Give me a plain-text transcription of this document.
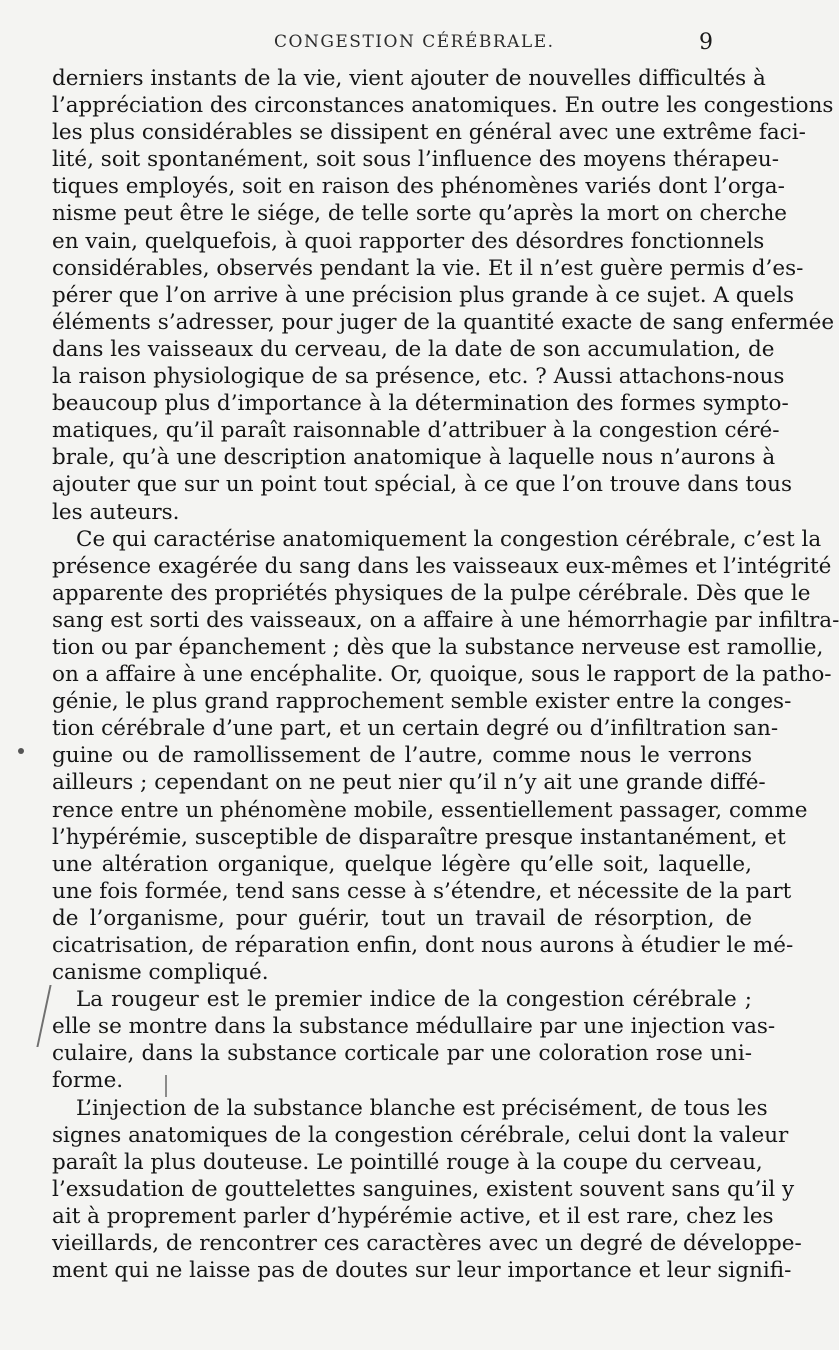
CONGESTION CÉRÉBRALE.	9
derniers instants de la vie, vient ajouter de nouvelles difficultés à
l’appréciation des circonstances anatomiques. En outre les congestions
les plus considérables se dissipent en général avec une extrême faci-
lité, soit spontanément, soit sous l’influence des moyens thérapeu-
tiques employés, soit en raison des phénomènes variés dont l’orga-
nisme peut être le siége, de telle sorte qu’après la mort on cherche
en vain, quelquefois, à quoi rapporter des désordres fonctionnels
considérables, observés pendant la vie. Et il n’est guère permis d’es-
pérer que l’on arrive à une précision plus grande à ce sujet. A quels
éléments s’adresser, pour juger de la quantité exacte de sang enfermée
dans les vaisseaux du cerveau, de la date de son accumulation, de
la raison physiologique de sa présence, etc. ? Aussi attachons-nous
beaucoup plus d’importance à la détermination des formes sympto-
matiques, qu’il paraît raisonnable d’attribuer à la congestion céré-
brale, qu’à une description anatomique à laquelle nous n’aurons à
ajouter que sur un point tout spécial, à ce que l’on trouve dans tous
les auteurs.
Ce qui caractérise anatomiquement la congestion cérébrale, c’est la
présence exagérée du sang dans les vaisseaux eux-mêmes et l’intégrité
apparente des propriétés physiques de la pulpe cérébrale. Dès que le
sang est sorti des vaisseaux, on a affaire à une hémorrhagie par infiltra-
tion ou par épanchement ; dès que la substance nerveuse est ramollie,
on a affaire à une encéphalite. Or, quoique, sous le rapport de la patho-
génie, le plus grand rapprochement semble exister entre la conges-
tion cérébrale d’une part, et un certain degré ou d’infiltration san-
guine ou de ramollissement de l’autre, comme nous le verrons
ailleurs ; cependant on ne peut nier qu’il n’y ait une grande diffé-
rence entre un phénomène mobile, essentiellement passager, comme
l’hypérémie, susceptible de disparaître presque instantanément, et
une altération organique, quelque légère qu’elle soit, laquelle,
une fois formée, tend sans cesse à s’étendre, et nécessite de la part
de l’organisme, pour guérir, tout un travail de résorption, de
cicatrisation, de réparation enfin, dont nous aurons à étudier le mé-
canisme compliqué.
La rougeur est le premier indice de la congestion cérébrale ;
elle se montre dans la substance médullaire par une injection vas-
culaire, dans la substance corticale par une coloration rose uni-
forme.
L’injection de la substance blanche est précisément, de tous les
signes anatomiques de la congestion cérébrale, celui dont la valeur
paraît la plus douteuse. Le pointillé rouge à la coupe du cerveau,
l’exsudation de gouttelettes sanguines, existent souvent sans qu’il y
ait à proprement parler d’hypérémie active, et il est rare, chez les
vieillards, de rencontrer ces caractères avec un degré de développe-
ment qui ne laisse pas de doutes sur leur importance et leur signifi-
